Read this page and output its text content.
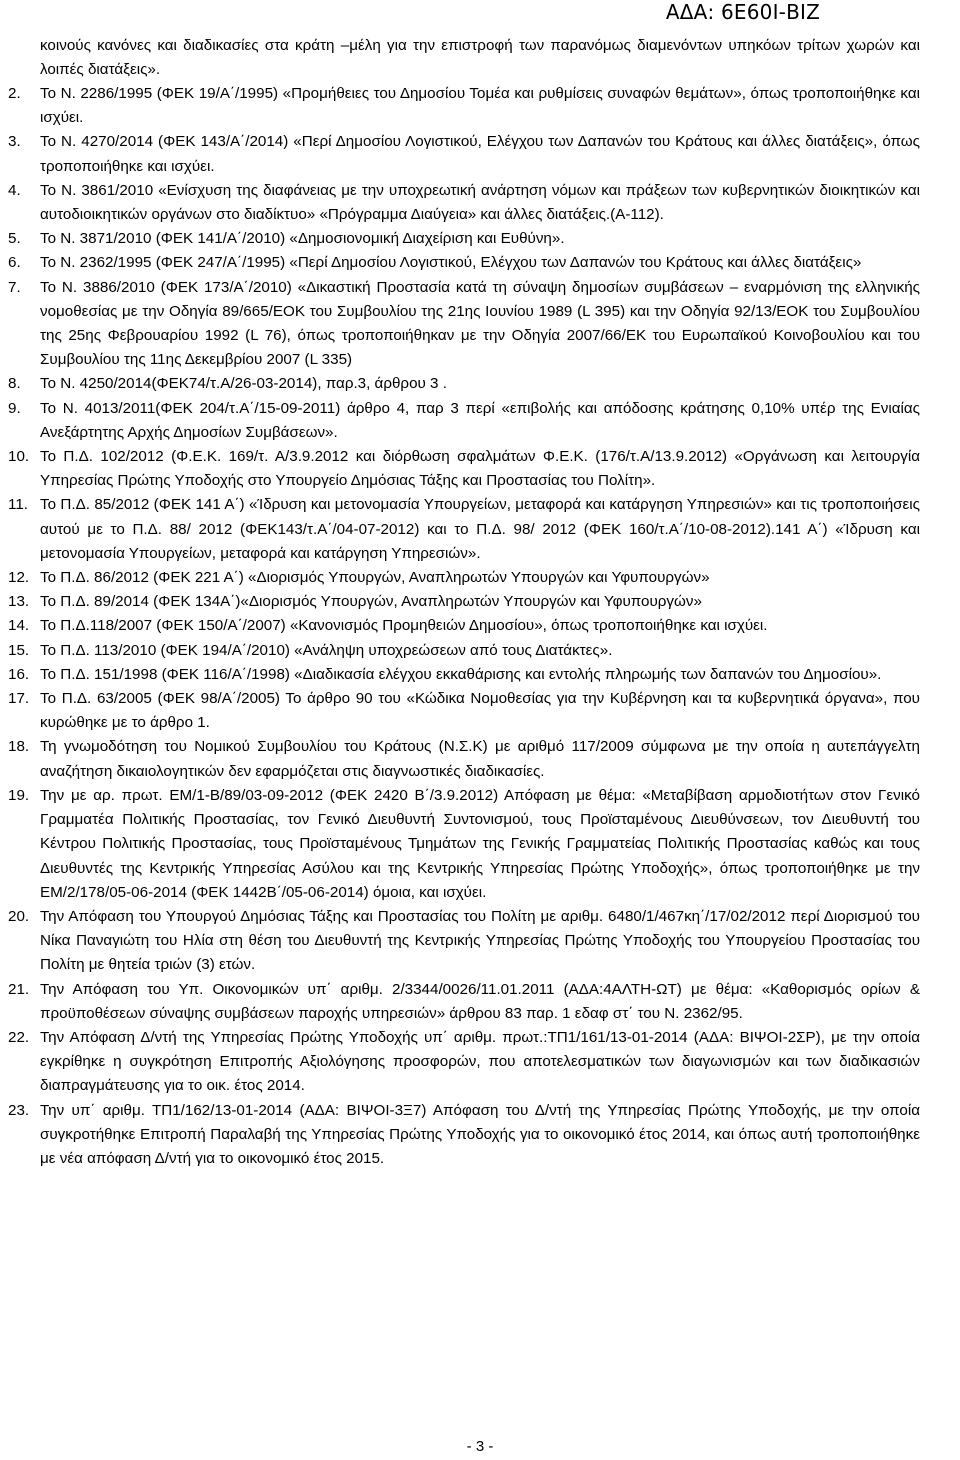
ΑΔΑ: 6Ε60Ι-ΒΙΖ
κοινούς κανόνες και διαδικασίες στα κράτη –μέλη για την επιστροφή των παρανόμως διαμενόντων υπηκόων τρίτων χωρών και λοιπές διατάξεις».
2.	Το Ν. 2286/1995 (ΦΕΚ 19/Α΄/1995) «Προμήθειες του Δημοσίου Τομέα και ρυθμίσεις συναφών θεμάτων», όπως τροποποιήθηκε και ισχύει.
3.	Το Ν. 4270/2014 (ΦΕΚ 143/Α΄/2014) «Περί Δημοσίου Λογιστικού, Ελέγχου των Δαπανών του Κράτους και άλλες διατάξεις», όπως τροποποιήθηκε και ισχύει.
4.	Το Ν. 3861/2010 «Ενίσχυση της διαφάνειας με την υποχρεωτική ανάρτηση νόμων και πράξεων των κυβερνητικών διοικητικών και αυτοδιοικητικών οργάνων στο διαδίκτυο» «Πρόγραμμα Διαύγεια» και άλλες διατάξεις.(Α-112).
5.	Το Ν. 3871/2010 (ΦΕΚ 141/Α΄/2010) «Δημοσιονομική Διαχείριση και Ευθύνη».
6.	Το Ν. 2362/1995 (ΦΕΚ 247/Α΄/1995) «Περί Δημοσίου Λογιστικού, Ελέγχου των Δαπανών του Κράτους και άλλες διατάξεις»
7.	Το Ν. 3886/2010 (ΦΕΚ 173/Α΄/2010) «Δικαστική Προστασία κατά τη σύναψη δημοσίων συμβάσεων – εναρμόνιση της ελληνικής νομοθεσίας με την Οδηγία 89/665/ΕΟΚ του Συμβουλίου της 21ης Ιουνίου 1989 (L 395) και την Οδηγία 92/13/ΕΟΚ του Συμβουλίου της 25ης Φεβρουαρίου 1992 (L 76), όπως τροποποιήθηκαν με την Οδηγία 2007/66/ΕΚ του Ευρωπαϊκού Κοινοβουλίου και του Συμβουλίου της 11ης Δεκεμβρίου 2007 (L 335)
8.	Το Ν. 4250/2014(ΦΕΚ74/τ.Α/26-03-2014), παρ.3, άρθρου 3 .
9.	Το Ν. 4013/2011(ΦΕΚ 204/τ.Α΄/15-09-2011) άρθρο 4, παρ 3 περί «επιβολής και απόδοσης κράτησης 0,10% υπέρ της Ενιαίας Ανεξάρτητης Αρχής Δημοσίων Συμβάσεων».
10. Το Π.Δ. 102/2012 (Φ.Ε.Κ. 169/τ. Α/3.9.2012 και διόρθωση σφαλμάτων Φ.Ε.Κ. (176/τ.Α/13.9.2012) «Οργάνωση και λειτουργία Υπηρεσίας Πρώτης Υποδοχής στο Υπουργείο Δημόσιας Τάξης και Προστασίας του Πολίτη».
11. Το Π.Δ. 85/2012 (ΦΕΚ 141 Α΄) «Ίδρυση και μετονομασία Υπουργείων, μεταφορά και κατάργηση Υπηρεσιών» και τις τροποποιήσεις αυτού με το Π.Δ. 88/ 2012 (ΦΕΚ143/τ.Α΄/04-07-2012) και το Π.Δ. 98/ 2012 (ΦΕΚ 160/τ.Α΄/10-08-2012).141 Α΄) «Ίδρυση και μετονομασία Υπουργείων, μεταφορά και κατάργηση Υπηρεσιών».
12. Το Π.Δ. 86/2012 (ΦΕΚ 221 Α΄) «Διορισμός Υπουργών, Αναπληρωτών Υπουργών και Υφυπουργών»
13. Το Π.Δ. 89/2014 (ΦΕΚ 134Α΄)«Διορισμός Υπουργών, Αναπληρωτών Υπουργών και Υφυπουργών»
14. Το Π.Δ.118/2007 (ΦΕΚ 150/Α΄/2007) «Κανονισμός Προμηθειών Δημοσίου», όπως τροποποιήθηκε και ισχύει.
15. Το Π.Δ. 113/2010 (ΦΕΚ 194/Α΄/2010) «Ανάληψη υποχρεώσεων από τους Διατάκτες».
16. Το Π.Δ. 151/1998 (ΦΕΚ 116/Α΄/1998) «Διαδικασία ελέγχου εκκαθάρισης και εντολής πληρωμής των δαπανών του Δημοσίου».
17. Το Π.Δ. 63/2005 (ΦΕΚ 98/Α΄/2005) Το άρθρο 90 του «Κώδικα Νομοθεσίας για την Κυβέρνηση και τα κυβερνητικά όργανα», που κυρώθηκε με το άρθρο 1.
18. Τη γνωμοδότηση του Νομικού Συμβουλίου του Κράτους (Ν.Σ.Κ) με αριθμό 117/2009 σύμφωνα με την οποία η αυτεπάγγελτη αναζήτηση δικαιολογητικών δεν εφαρμόζεται στις διαγνωστικές διαδικασίες.
19. Την με αρ. πρωτ. ΕΜ/1-Β/89/03-09-2012 (ΦΕΚ 2420 Β΄/3.9.2012) Απόφαση με θέμα: «Μεταβίβαση αρμοδιοτήτων στον Γενικό Γραμματέα Πολιτικής Προστασίας, τον Γενικό Διευθυντή Συντονισμού, τους Προϊσταμένους Διευθύνσεων, τον Διευθυντή του Κέντρου Πολιτικής Προστασίας, τους Προϊσταμένους Τμημάτων της Γενικής Γραμματείας Πολιτικής Προστασίας καθώς και τους Διευθυντές της Κεντρικής Υπηρεσίας Ασύλου και της Κεντρικής Υπηρεσίας Πρώτης Υποδοχής», όπως τροποποιήθηκε με την ΕΜ/2/178/05-06-2014 (ΦΕΚ 1442Β΄/05-06-2014) όμοια, και ισχύει.
20. Την Απόφαση του Υπουργού Δημόσιας Τάξης και Προστασίας του Πολίτη με αριθμ. 6480/1/467κη΄/17/02/2012 περί Διορισμού του Νίκα Παναγιώτη του Ηλία στη θέση του Διευθυντή της Κεντρικής Υπηρεσίας Πρώτης Υποδοχής του Υπουργείου Προστασίας του Πολίτη με θητεία τριών (3) ετών.
21. Την Απόφαση του Υπ. Οικονομικών υπ΄ αριθμ. 2/3344/0026/11.01.2011 (ΑΔΑ:4ΑΛΤΗ-ΩΤ) με θέμα: «Καθορισμός ορίων & προϋποθέσεων σύναψης συμβάσεων παροχής υπηρεσιών» άρθρου 83 παρ. 1 εδαφ στ΄ του Ν. 2362/95.
22. Την Απόφαση Δ/ντή της Υπηρεσίας Πρώτης Υποδοχής υπ΄ αριθμ. πρωτ.:ΤΠ1/161/13-01-2014 (ΑΔΑ: ΒΙΨΟΙ-2ΣΡ), με την οποία εγκρίθηκε η συγκρότηση Επιτροπής Αξιολόγησης προσφορών, που αποτελεσματικών των διαγωνισμών και των διαδικασιών διαπραγμάτευσης για το οικ. έτος 2014.
23. Την υπ΄ αριθμ. ΤΠ1/162/13-01-2014 (ΑΔΑ: ΒΙΨΟΙ-3Ξ7) Απόφαση του Δ/ντή της Υπηρεσίας Πρώτης Υποδοχής, με την οποία συγκροτήθηκε Επιτροπή Παραλαβή της Υπηρεσίας Πρώτης Υποδοχής για το οικονομικό έτος 2014, και όπως αυτή τροποποιήθηκε με νέα απόφαση Δ/ντή για το οικονομικό έτος 2015.
- 3 -
